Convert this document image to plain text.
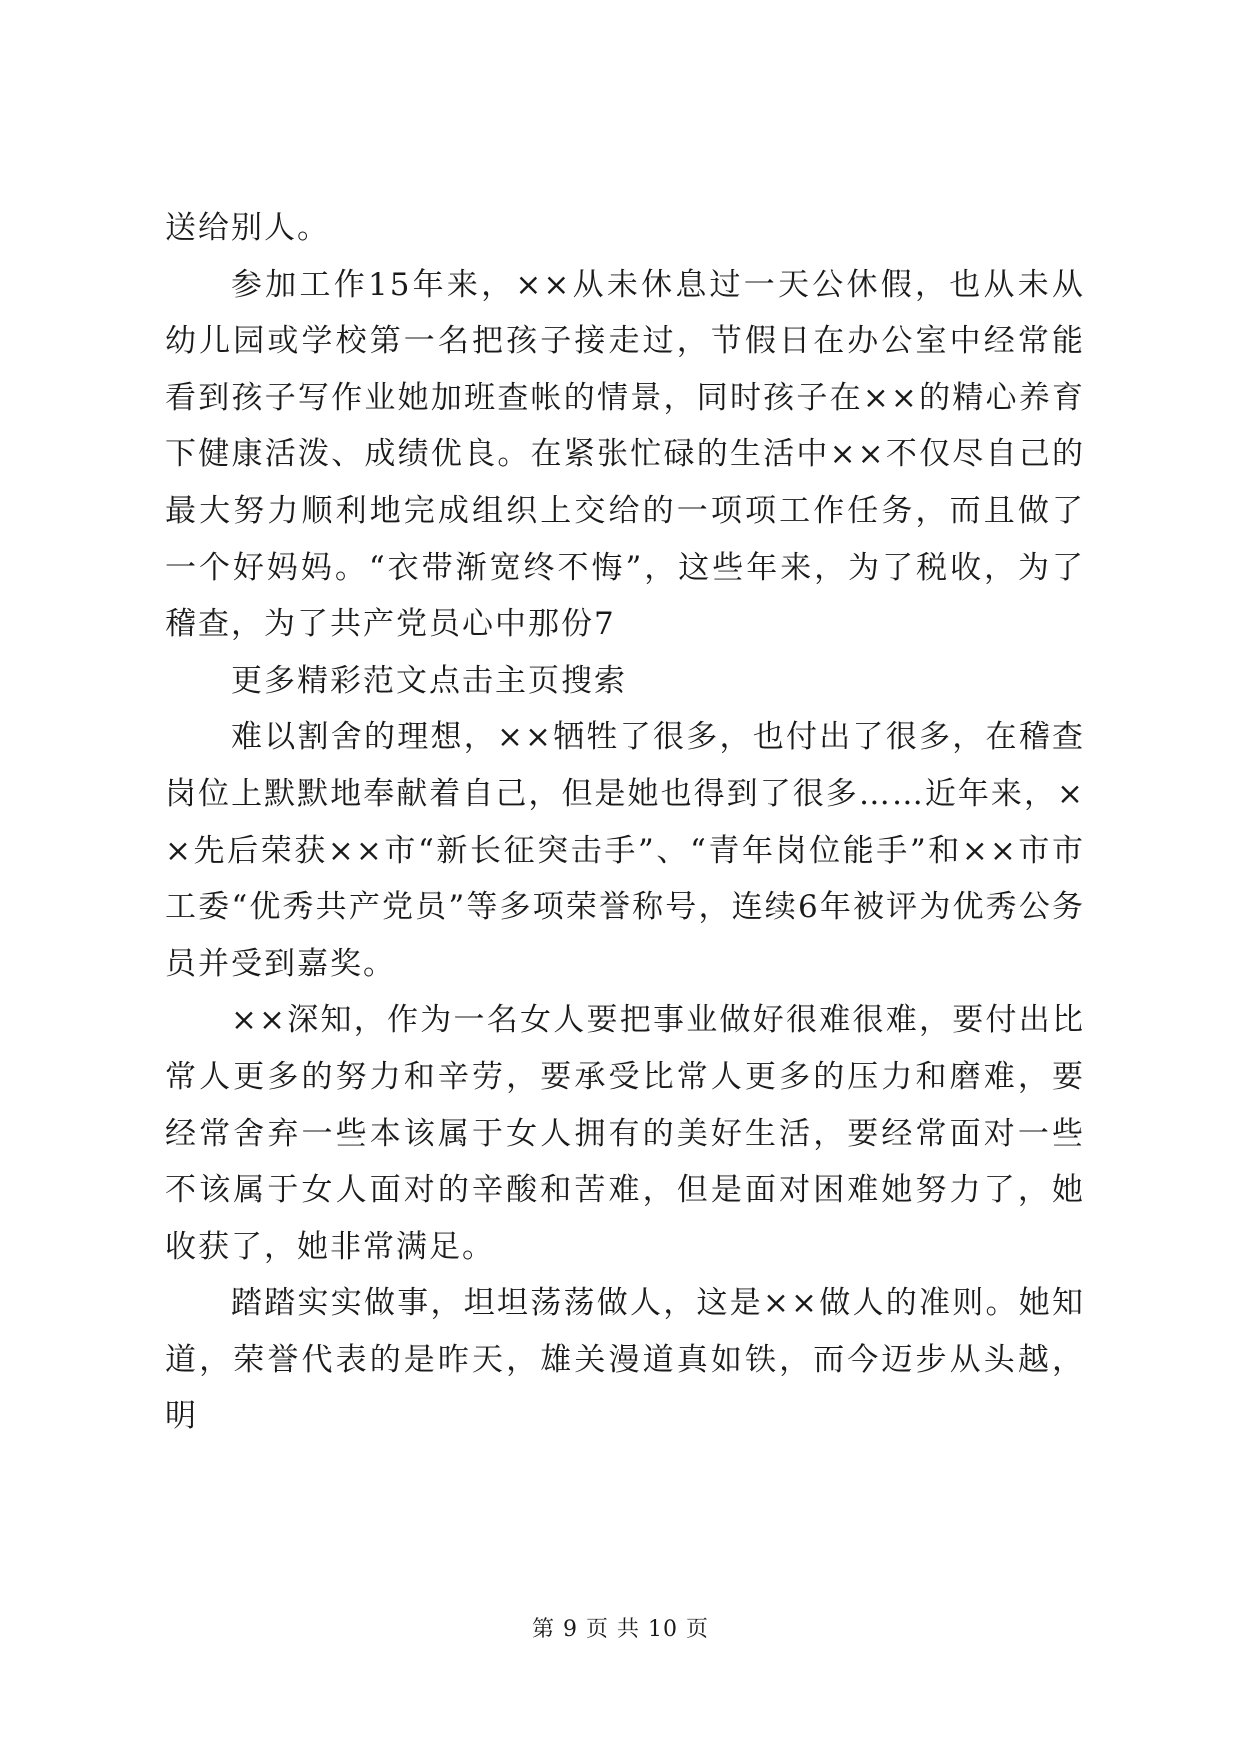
送给别人。

参加工作15年来，××从未休息过一天公休假，也从未从幼儿园或学校第一名把孩子接走过，节假日在办公室中经常能看到孩子写作业她加班查帐的情景，同时孩子在××的精心养育下健康活泼、成绩优良。在紧张忙碌的生活中××不仅尽自己的最大努力顺利地完成组织上交给的一项项工作任务，而且做了一个好妈妈。“衣带渐宽终不悔”，这些年来，为了税收，为了稽查，为了共产党员心中那份7

更多精彩范文点击主页搜索

难以割舍的理想，××牺牲了很多，也付出了很多，在稽查岗位上默默地奉献着自己，但是她也得到了很多……近年来，××先后荣获××市“新长征突击手”、“青年岗位能手”和××市市工委“优秀共产党员”等多项荣誉称号，连续6年被评为优秀公务员并受到嘉奖。

××深知，作为一名女人要把事业做好很难很难，要付出比常人更多的努力和辛劳，要承受比常人更多的压力和磨难，要经常舍弃一些本该属于女人拥有的美好生活，要经常面对一些不该属于女人面对的辛酸和苦难，但是面对困难她努力了，她收获了，她非常满足。

踏踏实实做事，坦坦荡荡做人，这是××做人的准则。她知道，荣誉代表的是昨天，雄关漫道真如铁，而今迈步从头越，明

第 9 页 共 10 页
